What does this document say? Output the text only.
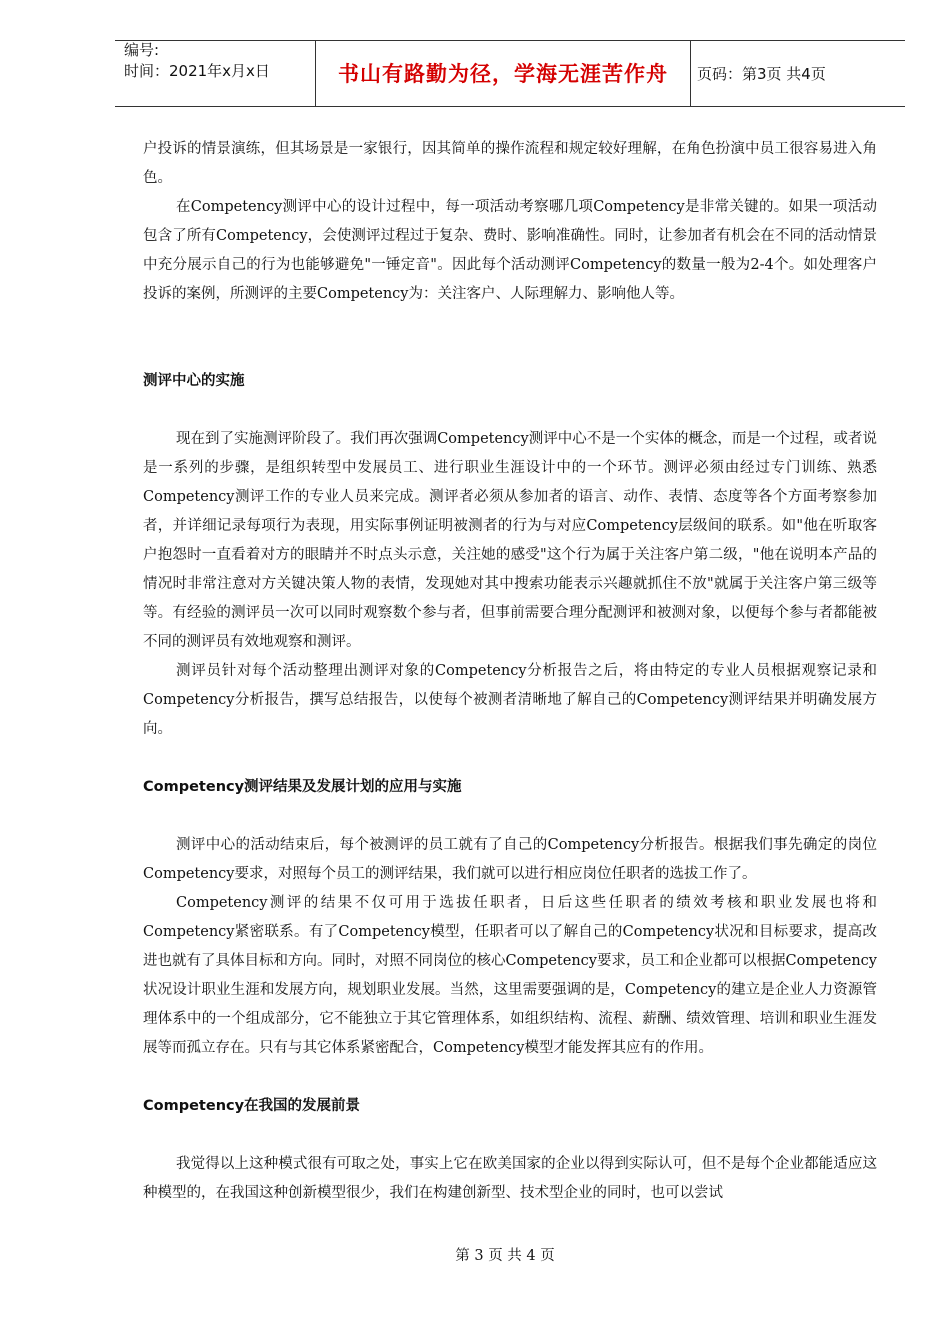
编号:
时间：2021年x月x日	书山有路勤为径，学海无涯苦作舟	页码：第3页 共4页

户投诉的情景演练，但其场景是一家银行，因其简单的操作流程和规定较好理解，在角色扮演中员工很容易进入角色。

在Competency测评中心的设计过程中，每一项活动考察哪几项Competency是非常关键的。如果一项活动包含了所有Competency，会使测评过程过于复杂、费时、影响准确性。同时，让参加者有机会在不同的活动情景中充分展示自己的行为也能够避免"一锤定音"。因此每个活动测评Competency的数量一般为2-4个。如处理客户投诉的案例，所测评的主要Competency为：关注客户、人际理解力、影响他人等。

测评中心的实施

现在到了实施测评阶段了。我们再次强调Competency测评中心不是一个实体的概念，而是一个过程，或者说是一系列的步骤，是组织转型中发展员工、进行职业生涯设计中的一个环节。测评必须由经过专门训练、熟悉Competency测评工作的专业人员来完成。测评者必须从参加者的语言、动作、表情、态度等各个方面考察参加者，并详细记录每项行为表现，用实际事例证明被测者的行为与对应Competency层级间的联系。如"他在听取客户抱怨时一直看着对方的眼睛并不时点头示意，关注她的感受"这个行为属于关注客户第二级，"他在说明本产品的情况时非常注意对方关键决策人物的表情，发现她对其中搜索功能表示兴趣就抓住不放"就属于关注客户第三级等等。有经验的测评员一次可以同时观察数个参与者，但事前需要合理分配测评和被测对象，以便每个参与者都能被不同的测评员有效地观察和测评。

测评员针对每个活动整理出测评对象的Competency分析报告之后，将由特定的专业人员根据观察记录和Competency分析报告，撰写总结报告，以使每个被测者清晰地了解自己的Competency测评结果并明确发展方向。

Competency测评结果及发展计划的应用与实施

测评中心的活动结束后，每个被测评的员工就有了自己的Competency分析报告。根据我们事先确定的岗位Competency要求，对照每个员工的测评结果，我们就可以进行相应岗位任职者的选拔工作了。

Competency测评的结果不仅可用于选拔任职者，日后这些任职者的绩效考核和职业发展也将和Competency紧密联系。有了Competency模型，任职者可以了解自己的Competency状况和目标要求，提高改进也就有了具体目标和方向。同时，对照不同岗位的核心Competency要求，员工和企业都可以根据Competency状况设计职业生涯和发展方向，规划职业发展。当然，这里需要强调的是，Competency的建立是企业人力资源管理体系中的一个组成部分，它不能独立于其它管理体系，如组织结构、流程、薪酬、绩效管理、培训和职业生涯发展等而孤立存在。只有与其它体系紧密配合，Competency模型才能发挥其应有的作用。

Competency在我国的发展前景

我觉得以上这种模式很有可取之处，事实上它在欧美国家的企业以得到实际认可，但不是每个企业都能适应这种模型的，在我国这种创新模型很少，我们在构建创新型、技术型企业的同时，也可以尝试

第 3 页 共 4 页
